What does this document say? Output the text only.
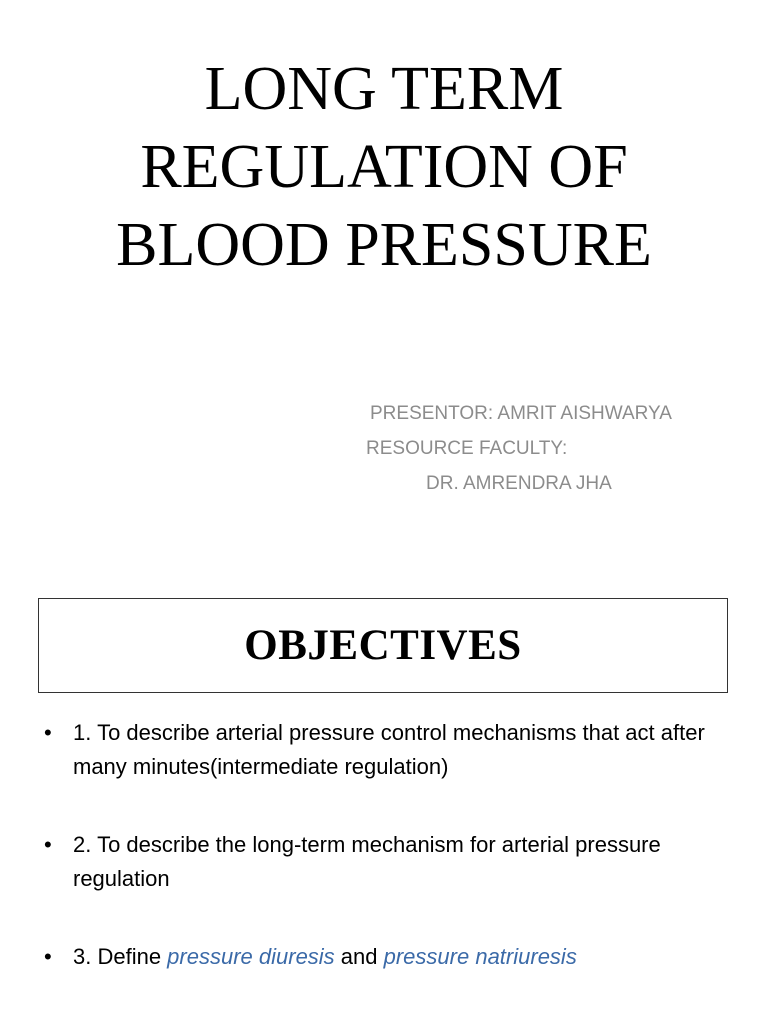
LONG TERM
REGULATION OF
BLOOD PRESSURE
PRESENTOR: AMRIT AISHWARYA
RESOURCE FACULTY:
DR. AMRENDRA JHA
OBJECTIVES
• 1. To describe arterial pressure control mechanisms that act after many minutes(intermediate regulation)
• 2. To describe the long-term mechanism for arterial pressure regulation
• 3. Define pressure diuresis and pressure natriuresis
